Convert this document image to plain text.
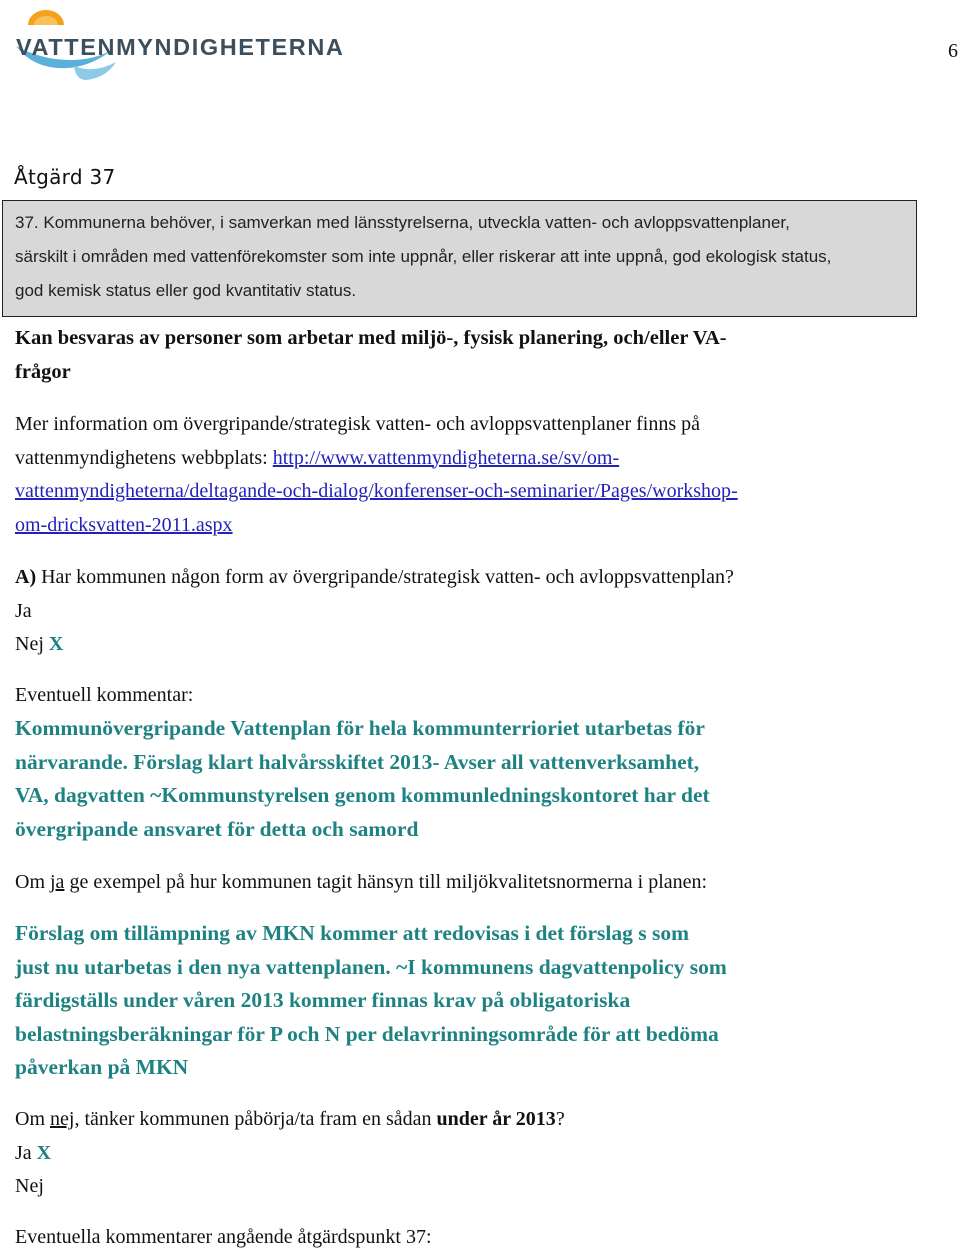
VATTENMYNDIGHETERNA	6
Åtgärd 37
37. Kommunerna behöver, i samverkan med länsstyrelserna, utveckla vatten- och avloppsvattenplaner,
särskilt i områden med vattenförekomster som inte uppnår, eller riskerar att inte uppnå, god ekologisk status,
god kemisk status eller god kvantitativ status.
Kan besvaras av personer som arbetar med miljö-, fysisk planering, och/eller VA-
frågor
Mer information om övergripande/strategisk vatten- och avloppsvattenplaner finns på
vattenmyndighetens webbplats: http://www.vattenmyndigheterna.se/sv/om-
vattenmyndigheterna/deltagande-och-dialog/konferenser-och-seminarier/Pages/workshop-
om-dricksvatten-2011.aspx
A) Har kommunen någon form av övergripande/strategisk vatten- och avloppsvattenplan?
Ja
Nej X
Eventuell kommentar:
Kommunövergripande Vattenplan för hela kommunterrioriet utarbetas för
närvarande. Förslag klart halvårsskiftet 2013- Avser all vattenverksamhet,
VA, dagvatten ~Kommunstyrelsen genom kommunledningskontoret har det
övergripande ansvaret för detta och samord
Om ja ge exempel på hur kommunen tagit hänsyn till miljökvalitetsnormerna i planen:
Förslag om tillämpning av MKN kommer att redovisas i det förslag s som
just nu utarbetas i den nya vattenplanen. ~I kommunens dagvattenpolicy som
färdigställs under våren 2013 kommer finnas krav på obligatoriska
belastningsberäkningar för P och N per delavrinningsområde för att bedöma
påverkan på MKN
Om nej, tänker kommunen påbörja/ta fram en sådan under år 2013?
Ja X
Nej
Eventuella kommentarer angående åtgärdspunkt 37:
